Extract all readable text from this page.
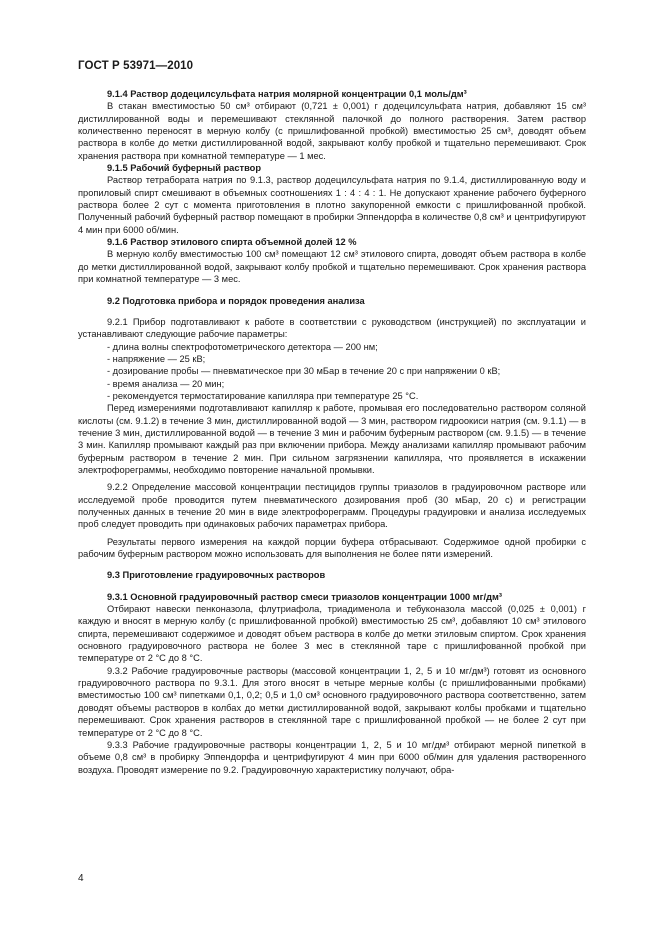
ГОСТ Р 53971—2010

9.1.4 Раствор додецилсульфата натрия молярной концентрации 0,1 моль/дм³

В стакан вместимостью 50 см³ отбирают (0,721 ± 0,001) г додецилсульфата натрия, добавляют 15 см³ дистиллированной воды и перемешивают стеклянной палочкой до полного растворения. Затем раствор количественно переносят в мерную колбу (с пришлифованной пробкой) вместимостью 25 см³, доводят объем раствора в колбе до метки дистиллированной водой, закрывают колбу пробкой и тщательно перемешивают. Срок хранения раствора при комнатной температуре — 1 мес.

9.1.5 Рабочий буферный раствор

Раствор тетрабората натрия по 9.1.3, раствор додецилсульфата натрия по 9.1.4, дистиллированную воду и пропиловый спирт смешивают в объемных соотношениях 1 : 4 : 4 : 1. Не допускают хранение рабочего буферного раствора более 2 сут с момента приготовления в плотно закупоренной емкости с пришлифованной пробкой. Полученный рабочий буферный раствор помещают в пробирки Эппендорфа в количестве 0,8 см³ и центрифугируют 4 мин при 6000 об/мин.

9.1.6 Раствор этилового спирта объемной долей 12 %

В мерную колбу вместимостью 100 см³ помещают 12 см³ этилового спирта, доводят объем раствора в колбе до метки дистиллированной водой, закрывают колбу пробкой и тщательно перемешивают. Срок хранения раствора при комнатной температуре — 3 мес.

9.2 Подготовка прибора и порядок проведения анализа

9.2.1 Прибор подготавливают к работе в соответствии с руководством (инструкцией) по эксплуатации и устанавливают следующие рабочие параметры:

- длина волны спектрофотометрического детектора — 200 нм;

- напряжение — 25 кВ;

- дозирование пробы — пневматическое при 30 мБар в течение 20 с при напряжении 0 кВ;

- время анализа — 20 мин;

- рекомендуется термостатирование капилляра при температуре 25 °С.

Перед измерениями подготавливают капилляр к работе, промывая его последовательно раствором соляной кислоты (см. 9.1.2) в течение 3 мин, дистиллированной водой — 3 мин, раствором гидроокиси натрия (см. 9.1.1) — в течение 3 мин, дистиллированной водой — в течение 3 мин и рабочим буферным раствором (см. 9.1.5) — в течение 3 мин. Капилляр промывают каждый раз при включении прибора. Между анализами капилляр промывают рабочим буферным раствором в течение 2 мин. При сильном загрязнении капилляра, что проявляется в искажении электрофореграммы, необходимо повторение начальной промывки.

9.2.2 Определение массовой концентрации пестицидов группы триазолов в градуировочном растворе или исследуемой пробе проводится путем пневматического дозирования проб (30 мБар, 20 с) и регистрации полученных данных в течение 20 мин в виде электрофореграмм. Процедуры градуировки и анализа исследуемых проб следует проводить при одинаковых рабочих параметрах прибора.

Результаты первого измерения на каждой порции буфера отбрасывают. Содержимое одной пробирки с рабочим буферным раствором можно использовать для выполнения не более пяти измерений.

9.3 Приготовление градуировочных растворов

9.3.1 Основной градуировочный раствор смеси триазолов концентрации 1000 мг/дм³

Отбирают навески пенконазола, флутриафола, триадименола и тебуконазола массой (0,025 ± 0,001) г каждую и вносят в мерную колбу (с пришлифованной пробкой) вместимостью 25 см³, добавляют 10 см³ этилового спирта, перемешивают содержимое и доводят объем раствора в колбе до метки этиловым спиртом. Срок хранения основного градуировочного раствора не более 3 мес в стеклянной таре с пришлифованной пробкой при температуре от 2 °С до 8 °С.

9.3.2 Рабочие градуировочные растворы (массовой концентрации 1, 2, 5 и 10 мг/дм³) готовят из основного градуировочного раствора по 9.3.1. Для этого вносят в четыре мерные колбы (с пришлифованными пробками) вместимостью 100 см³ пипетками 0,1, 0,2; 0,5 и 1,0 см³ основного градуировочного раствора соответственно, затем доводят объемы растворов в колбах до метки дистиллированной водой, закрывают колбы пробками и тщательно перемешивают. Срок хранения растворов в стеклянной таре с пришлифованной пробкой — не более 2 сут при температуре от 2 °С до 8 °С.

9.3.3 Рабочие градуировочные растворы концентрации 1, 2, 5 и 10 мг/дм³ отбирают мерной пипеткой в объеме 0,8 см³ в пробирку Эппендорфа и центрифугируют 4 мин при 6000 об/мин для удаления растворенного воздуха. Проводят измерение по 9.2. Градуировочную характеристику получают, обра-

4
